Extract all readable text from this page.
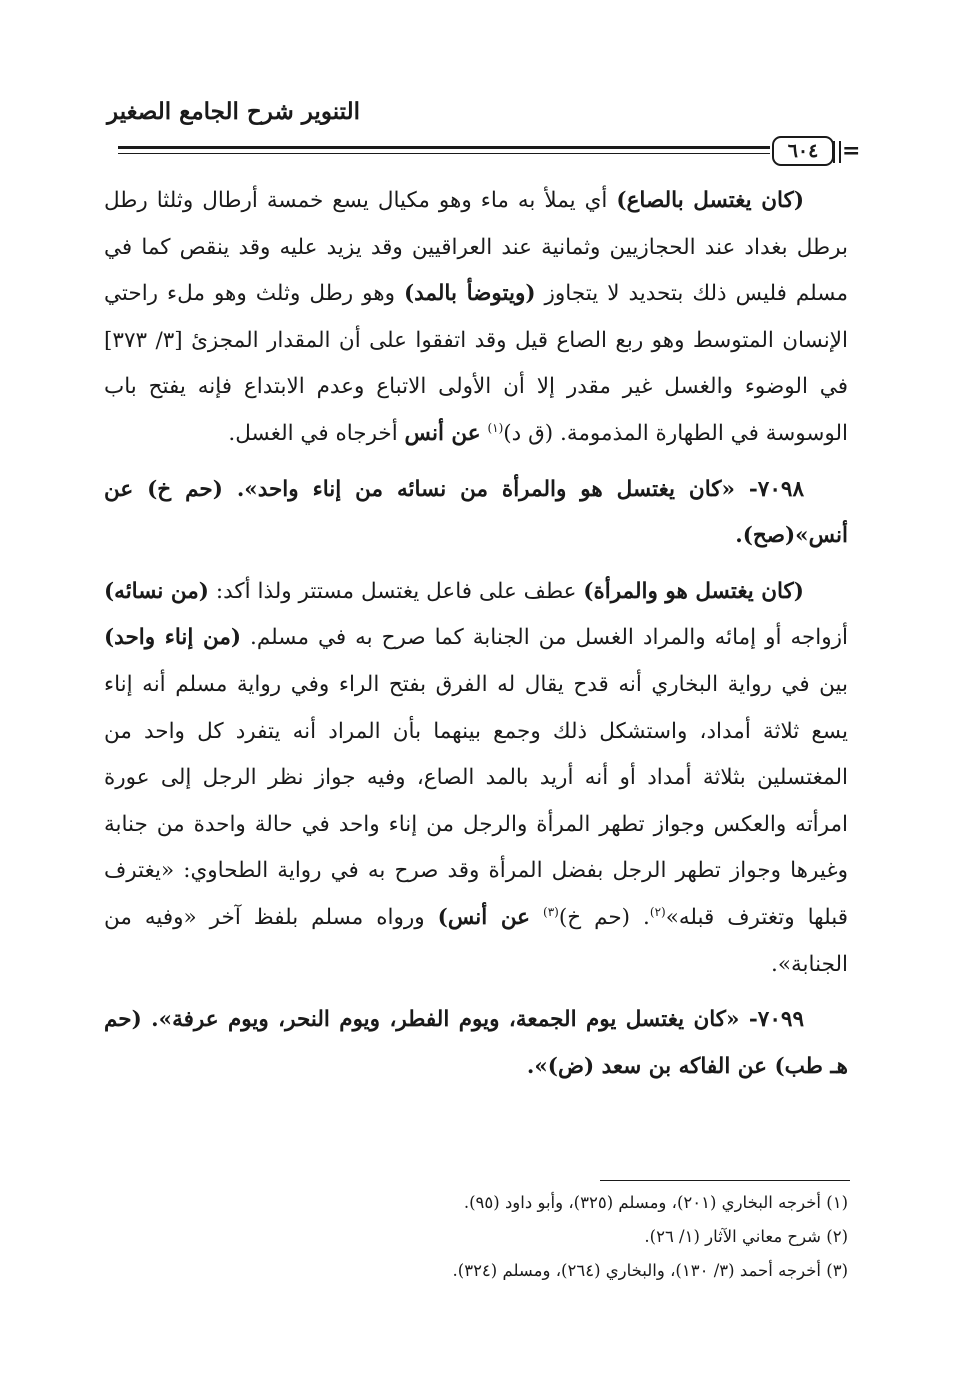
التنوير شرح الجامع الصغير
٦٠٤	=

(كان يغتسل بالصاع) أي يملأ به ماء وهو مكيال يسع خمسة أرطال وثلثا رطل برطل بغداد عند الحجازيين وثمانية عند العراقيين وقد يزيد عليه وقد ينقص كما في مسلم فليس ذلك بتحديد لا يتجاوز (ويتوضأ بالمد) وهو رطل وثلث وهو ملء راحتي الإنسان المتوسط وهو ربع الصاع قيل وقد اتفقوا على أن المقدار المجزئ [٣/ ٣٧٣] في الوضوء والغسل غير مقدر إلا أن الأولى الاتباع وعدم الابتداع فإنه يفتح باب الوسوسة في الطهارة المذمومة. (ق د)$^{(١)}$ عن أنس أخرجاه في الغسل.

٧٠٩٨- «كان يغتسل هو والمرأة من نسائه من إناء واحد». (حم خ) عن أنس»(صح).

(كان يغتسل هو والمرأة) عطف على فاعل يغتسل مستتر ولذا أكد: (من نسائه) أزواجه أو إمائه والمراد الغسل من الجنابة كما صرح به في مسلم. (من إناء واحد) بين في رواية البخاري أنه قدح يقال له الفرق بفتح الراء وفي رواية مسلم أنه إناء يسع ثلاثة أمداد، واستشكل ذلك وجمع بينهما بأن المراد أنه يتفرد كل واحد من المغتسلين بثلاثة أمداد أو أنه أريد بالمد الصاع، وفيه جواز نظر الرجل إلى عورة امرأته والعكس وجواز تطهر المرأة والرجل من إناء واحد في حالة واحدة من جنابة وغيرها وجواز تطهر الرجل بفضل المرأة وقد صرح به في رواية الطحاوي: «يغترف قبلها وتغترف قبله»$^{(٢)}$. (حم خ)$^{(٣)}$ عن أنس) ورواه مسلم بلفظ آخر «وفيه من الجنابة».

٧٠٩٩- «كان يغتسل يوم الجمعة، ويوم الفطر، ويوم النحر، ويوم عرفة». (حم هـ طب) عن الفاكه بن سعد (ض)».

(١) أخرجه البخاري (٢٠١)، ومسلم (٣٢٥)، وأبو داود (٩٥).

(٢) شرح معاني الآثار (١/ ٢٦).

(٣) أخرجه أحمد (٣/ ١٣٠)، والبخاري (٢٦٤)، ومسلم (٣٢٤).
